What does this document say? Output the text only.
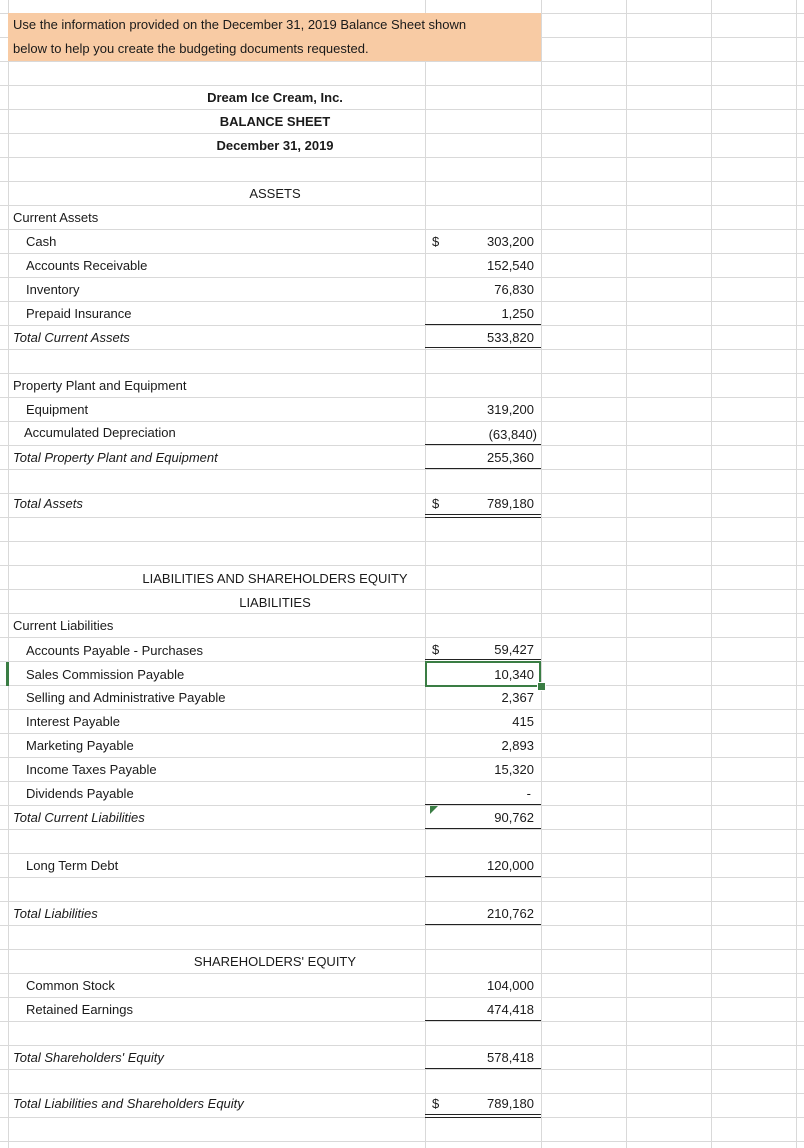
Use the information provided on the December 31, 2019 Balance Sheet shown
below to help you create the budgeting documents requested.
Dream Ice Cream, Inc.
BALANCE SHEET
December 31, 2019
ASSETS
Current Assets
Cash	$	303,200
Accounts Receivable	152,540
Inventory	76,830
Prepaid Insurance	1,250
Total Current Assets	533,820
Property Plant and Equipment
Equipment	319,200
Accumulated Depreciation	(63,840)
Total Property Plant and Equipment	255,360
Total Assets	$	789,180
LIABILITIES AND SHAREHOLDERS EQUITY
LIABILITIES
Current Liabilities
Accounts Payable - Purchases	$	59,427
Sales Commission Payable	10,340
Selling and Administrative Payable	2,367
Interest Payable	415
Marketing Payable	2,893
Income Taxes Payable	15,320
Dividends Payable	-
Total Current Liabilities	90,762
Long Term Debt	120,000
Total Liabilities	210,762
SHAREHOLDERS' EQUITY
Common Stock	104,000
Retained Earnings	474,418
Total Shareholders' Equity	578,418
Total Liabilities and Shareholders Equity	$	789,180
